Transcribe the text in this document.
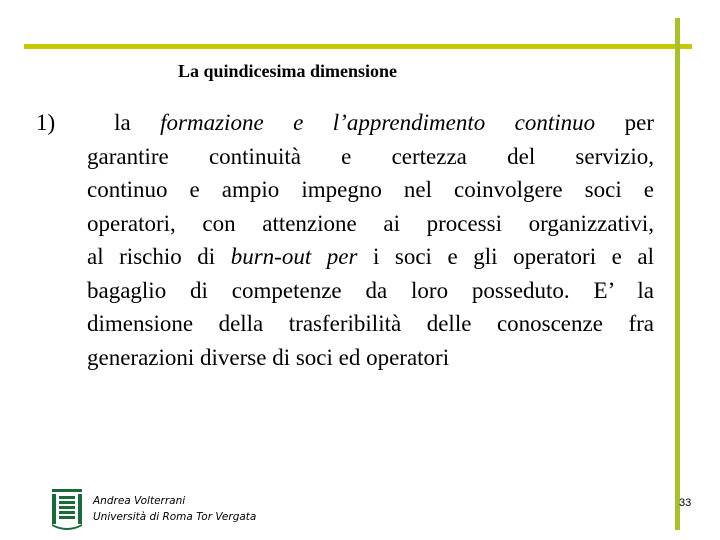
La quindicesima dimensione
1)	la formazione e l’apprendimento continuo per
garantire continuità e certezza del servizio,
continuo e ampio impegno nel coinvolgere soci e
operatori, con attenzione ai processi organizzativi,
al rischio di burn-out per i soci e gli operatori e al
bagaglio di competenze da loro posseduto. E’ la
dimensione della trasferibilità delle conoscenze fra
generazioni diverse di soci ed operatori
Andrea Volterrani
Università di Roma Tor Vergata
33
